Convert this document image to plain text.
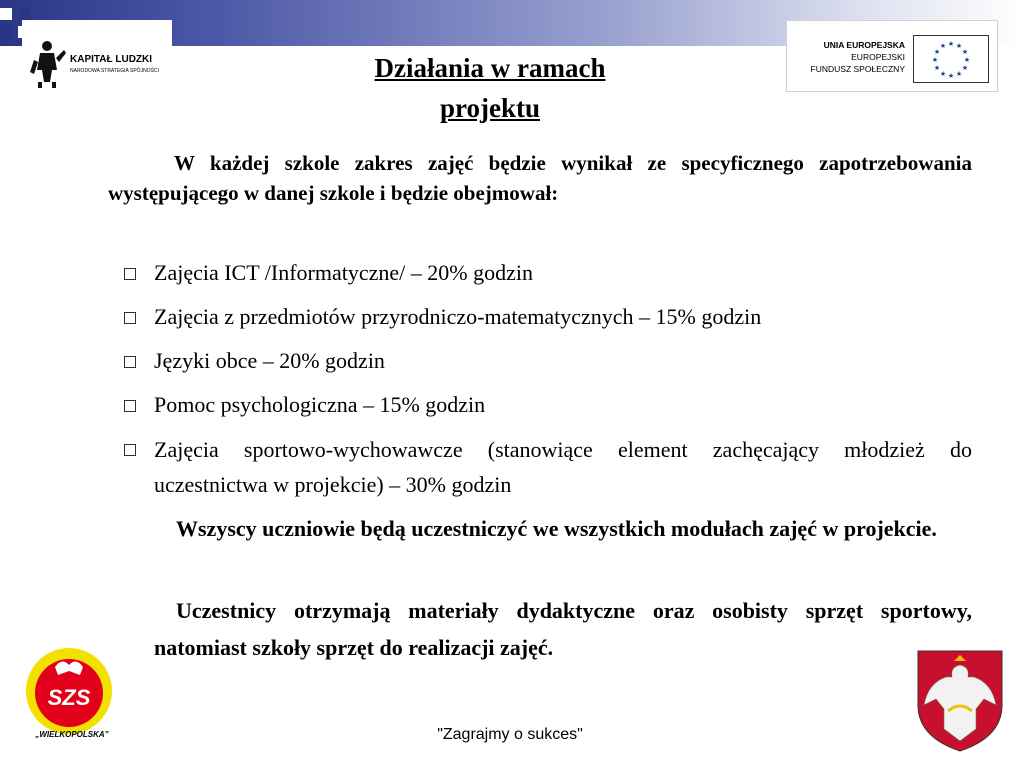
KAPITAŁ LUDZKI
NARODOWA STRATEGIA SPÓJNOŚCI
UNIA EUROPEJSKA
EUROPEJSKI
FUNDUSZ SPOŁECZNY
★ ★
★
★
★
★
★
★
★
★
★
★
Działania w ramach
projektu
W każdej szkole zakres zajęć będzie wynikał ze specyficznego zapotrzebowania występującego w danej szkole i będzie obejmował:
Zajęcia ICT /Informatyczne/ – 20% godzin
Zajęcia z przedmiotów przyrodniczo-matematycznych – 15% godzin
Języki obce – 20% godzin
Pomoc psychologiczna – 15% godzin
Zajęcia sportowo-wychowawcze (stanowiące element zachęcający młodzież do uczestnictwa w projekcie) – 30% godzin
Wszyscy uczniowie będą uczestniczyć we wszystkich modułach zajęć w projekcie.
Uczestnicy otrzymają materiały dydaktyczne oraz osobisty sprzęt sportowy, natomiast szkoły sprzęt do realizacji zajęć.
SZS
„WIELKOPOLSKA”	"Zagrajmy o sukces"
